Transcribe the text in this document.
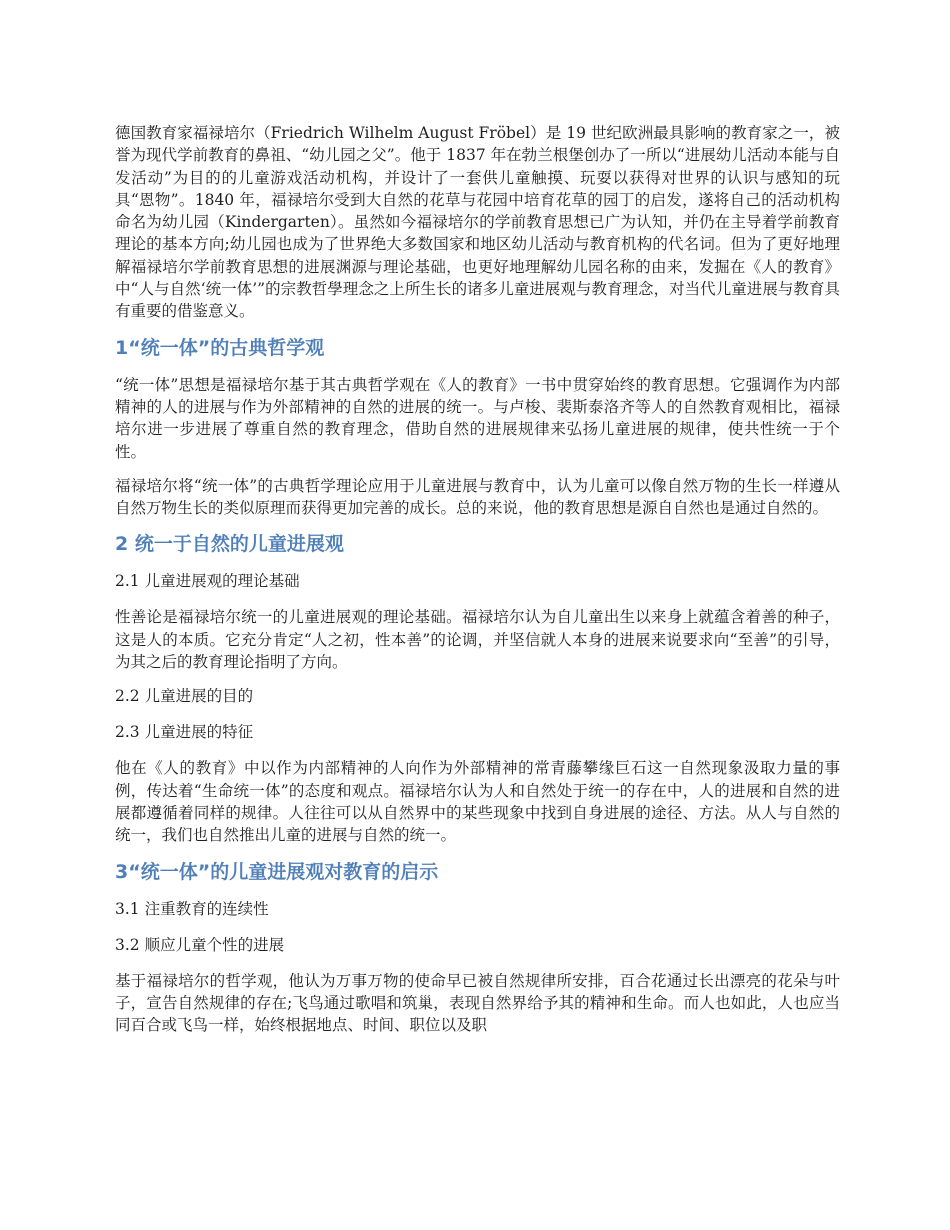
德国教育家福禄培尔（Friedrich Wilhelm August Fröbel）是 19 世纪欧洲最具影响的教育家之一，被誉为现代学前教育的鼻祖、“幼儿园之父”。他于 1837 年在勃兰根堡创办了一所以“进展幼儿活动本能与自发活动”为目的的儿童游戏活动机构，并设计了一套供儿童触摸、玩耍以获得对世界的认识与感知的玩具“恩物”。1840 年，福禄培尔受到大自然的花草与花园中培育花草的园丁的启发，遂将自己的活动机构命名为幼儿园（Kindergarten）。虽然如今福禄培尔的学前教育思想已广为认知，并仍在主导着学前教育理论的基本方向;幼儿园也成为了世界绝大多数国家和地区幼儿活动与教育机构的代名词。但为了更好地理解福禄培尔学前教育思想的进展渊源与理论基础，也更好地理解幼儿园名称的由来，发掘在《人的教育》中“人与自然‘统一体’”的宗教哲學理念之上所生长的诸多儿童进展观与教育理念，对当代儿童进展与教育具有重要的借鉴意义。

1“统一体”的古典哲学观

“统一体”思想是福禄培尔基于其古典哲学观在《人的教育》一书中贯穿始终的教育思想。它强调作为内部精神的人的进展与作为外部精神的自然的进展的统一。与卢梭、裴斯泰洛齐等人的自然教育观相比，福禄培尔进一步进展了尊重自然的教育理念，借助自然的进展规律来弘扬儿童进展的规律，使共性统一于个性。

福禄培尔将“统一体”的古典哲学理论应用于儿童进展与教育中，认为儿童可以像自然万物的生长一样遵从自然万物生长的类似原理而获得更加完善的成长。总的来说，他的教育思想是源自自然也是通过自然的。

2 统一于自然的儿童进展观
2.1 儿童进展观的理论基础

性善论是福禄培尔统一的儿童进展观的理论基础。福禄培尔认为自儿童出生以来身上就蕴含着善的种子，这是人的本质。它充分肯定“人之初，性本善”的论调，并坚信就人本身的进展来说要求向“至善”的引导，为其之后的教育理论指明了方向。

2.2 儿童进展的目的
2.3 儿童进展的特征

他在《人的教育》中以作为内部精神的人向作为外部精神的常青藤攀缘巨石这一自然现象汲取力量的事例，传达着“生命统一体”的态度和观点。福禄培尔认为人和自然处于统一的存在中，人的进展和自然的进展都遵循着同样的规律。人往往可以从自然界中的某些现象中找到自身进展的途径、方法。从人与自然的统一，我们也自然推出儿童的进展与自然的统一。

3“统一体”的儿童进展观对教育的启示
3.1 注重教育的连续性
3.2 顺应儿童个性的进展

基于福禄培尔的哲学观，他认为万事万物的使命早已被自然规律所安排，百合花通过长出漂亮的花朵与叶子，宣告自然规律的存在;飞鸟通过歌唱和筑巢，表现自然界给予其的精神和生命。而人也如此，人也应当同百合或飞鸟一样，始终根据地点、时间、职位以及职
